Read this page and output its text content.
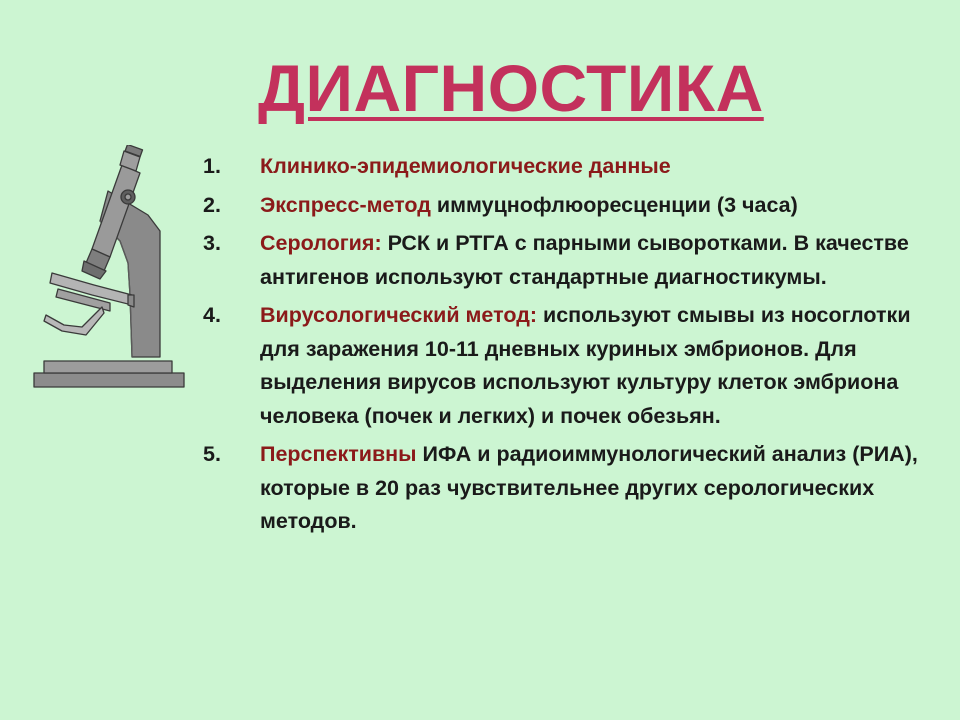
ДИАГНОСТИКА
1. Клинико-эпидемиологические данные
2. Экспресс-метод иммуцнофлюоресценции (3 часа)
3. Серология: РСК и РТГА с парными сыворотками. В качестве антигенов используют стандартные диагностикумы.
4. Вирусологический метод: используют смывы из носоглотки для заражения 10-11 дневных куриных эмбрионов. Для выделения вирусов используют культуру клеток эмбриона человека (почек и легких) и почек обезьян.
5. Перспективны ИФА и радиоиммунологический анализ (РИА), которые в 20 раз чувствительнее других серологических методов.
